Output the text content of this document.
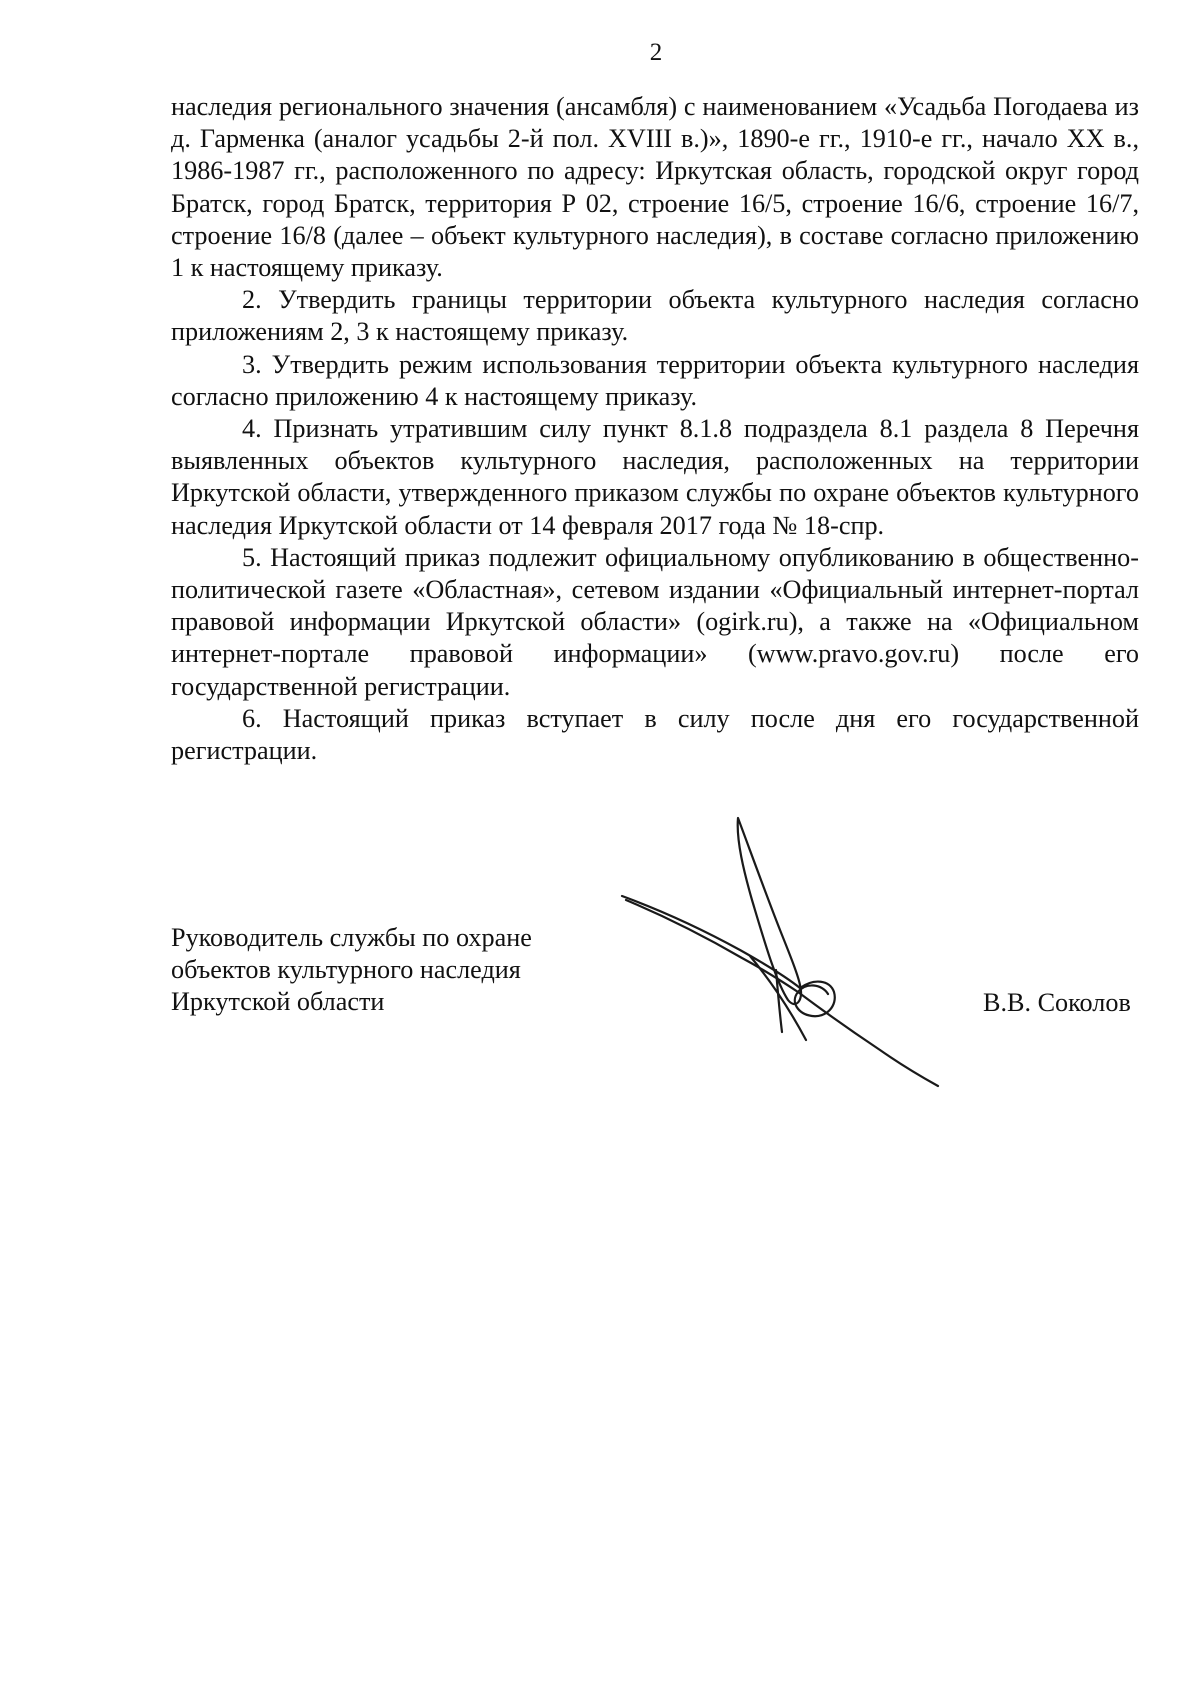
2

наследия регионального значения (ансамбля) с наименованием «Усадьба Погодаева из д. Гарменка (аналог усадьбы 2-й пол. XVIII в.)», 1890-е гг., 1910-е гг., начало XX в., 1986-1987 гг., расположенного по адресу: Иркутская область, городской округ город Братск, город Братск, территория Р 02, строение 16/5, строение 16/6, строение 16/7, строение 16/8 (далее – объект культурного наследия), в составе согласно приложению 1 к настоящему приказу.

2. Утвердить границы территории объекта культурного наследия согласно приложениям 2, 3 к настоящему приказу.

3. Утвердить режим использования территории объекта культурного наследия согласно приложению 4 к настоящему приказу.

4. Признать утратившим силу пункт 8.1.8 подраздела 8.1 раздела 8 Перечня выявленных объектов культурного наследия, расположенных на территории Иркутской области, утвержденного приказом службы по охране объектов культурного наследия Иркутской области от 14 февраля 2017 года № 18-спр.

5. Настоящий приказ подлежит официальному опубликованию в общественно-политической газете «Областная», сетевом издании «Официальный интернет-портал правовой информации Иркутской области» (ogirk.ru), а также на «Официальном интернет-портале правовой информации» (www.pravo.gov.ru) после его государственной регистрации.

6. Настоящий приказ вступает в силу после дня его государственной регистрации.

Руководитель службы по охране
объектов культурного наследия
Иркутской области	В.В. Соколов
